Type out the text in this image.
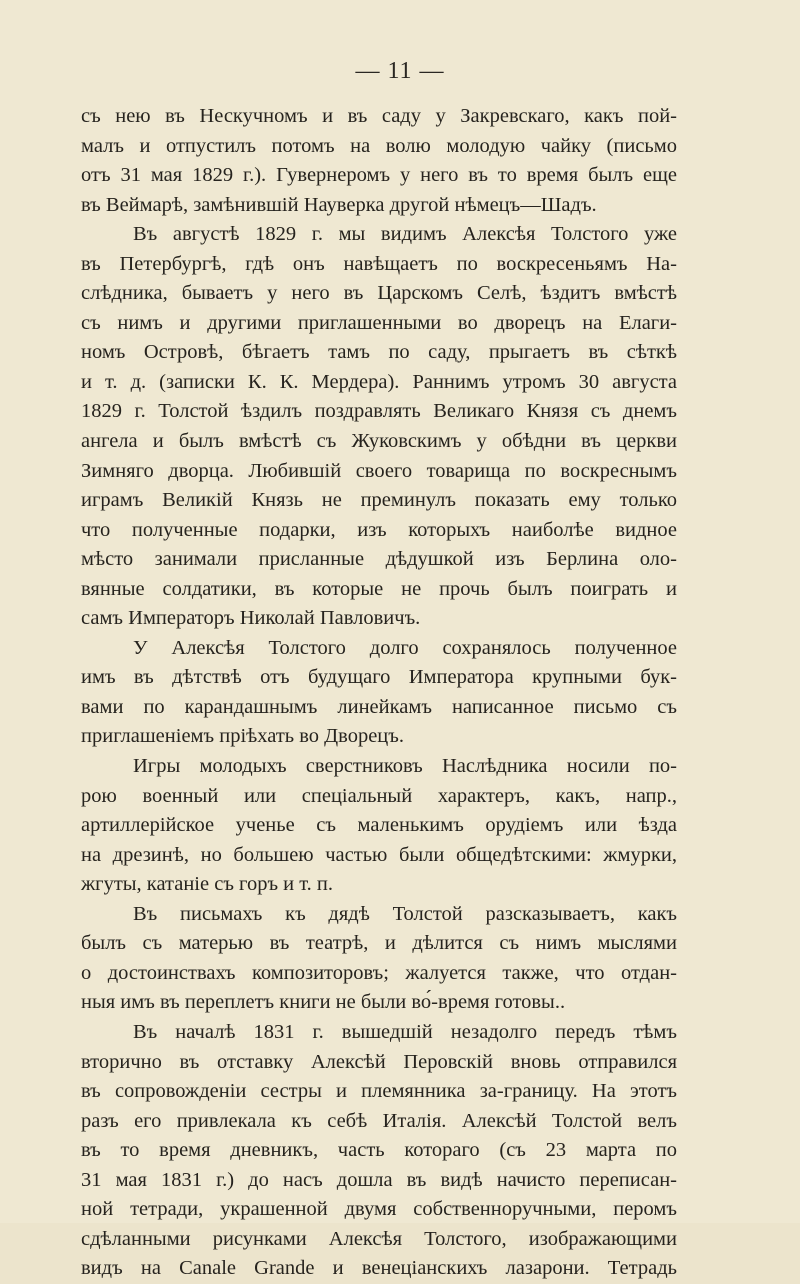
— 11 —
съ нею въ Нескучномъ и въ саду у Закревскаго, какъ пой-
малъ и отпустилъ потомъ на волю молодую чайку (письмо
отъ 31 мая 1829 г.). Гувернеромъ у него въ то время былъ еще
въ Веймарѣ, замѣнившій Науверка другой нѣмецъ—Шадъ.
Въ августѣ 1829 г. мы видимъ Алексѣя Толстого уже
въ Петербургѣ, гдѣ онъ навѣщаетъ по воскресеньямъ На-
слѣдника, бываетъ у него въ Царскомъ Селѣ, ѣздитъ вмѣстѣ
съ нимъ и другими приглашенными во дворецъ на Елаги-
номъ Островѣ, бѣгаетъ тамъ по саду, прыгаетъ въ сѣткѣ
и т. д. (записки К. К. Мердера). Раннимъ утромъ 30 августа
1829 г. Толстой ѣздилъ поздравлять Великаго Князя съ днемъ
ангела и былъ вмѣстѣ съ Жуковскимъ у обѣдни въ церкви
Зимняго дворца. Любившій своего товарища по воскреснымъ
играмъ Великій Князь не преминулъ показать ему только
что полученные подарки, изъ которыхъ наиболѣе видное
мѣсто занимали присланные дѣдушкой изъ Берлина оло-
вянные солдатики, въ которые не прочь былъ поиграть и
самъ Императоръ Николай Павловичъ.
У Алексѣя Толстого долго сохранялось полученное
имъ въ дѣтствѣ отъ будущаго Императора крупными бук-
вами по карандашнымъ линейкамъ написанное письмо съ
приглашеніемъ пріѣхать во Дворецъ.
Игры молодыхъ сверстниковъ Наслѣдника носили по-
рою военный или спеціальный характеръ, какъ, напр.,
артиллерійское ученье съ маленькимъ орудіемъ или ѣзда
на дрезинѣ, но большею частью были общедѣтскими: жмурки,
жгуты, катаніе съ горъ и т. п.
Въ письмахъ къ дядѣ Толстой разсказываетъ, какъ
былъ съ матерью въ театрѣ, и дѣлится съ нимъ мыслями
о достоинствахъ композиторовъ; жалуется также, что отдан-
ныя имъ въ переплетъ книги не были во́-время готовы..
Въ началѣ 1831 г. вышедшій незадолго передъ тѣмъ
вторично въ отставку Алексѣй Перовскій вновь отправился
въ сопровожденіи сестры и племянника за-границу. На этотъ
разъ его привлекала къ себѣ Италія. Алексѣй Толстой велъ
въ то время дневникъ, часть котораго (съ 23 марта по
31 мая 1831 г.) до насъ дошла въ видѣ начисто переписан-
ной тетради, украшенной двумя собственноручными, перомъ
сдѣланными рисунками Алексѣя Толстого, изображающими
видъ на Canale Grande и венеціанскихъ лазарони. Тетрадь
